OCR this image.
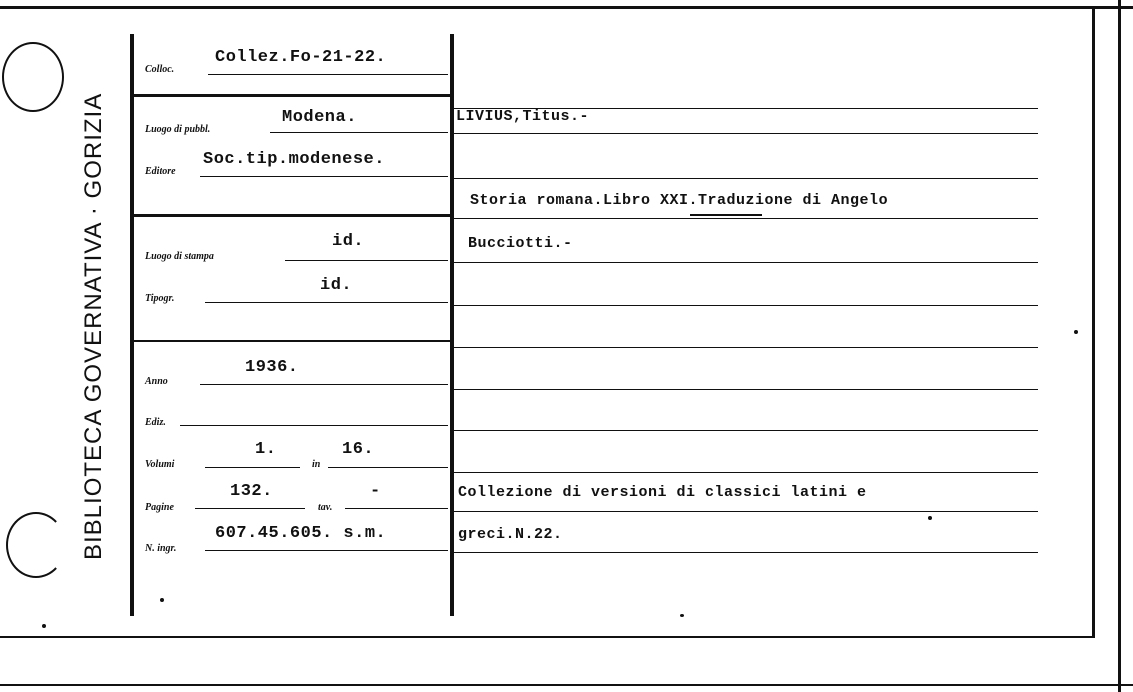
BIBLIOTECA GOVERNATIVA · GORIZIA
Colloc.
Collez.Fo-21-22.
Luogo di pubbl.
Modena.
Editore
Soc.tip.modenese.
Luogo di stampa
id.
Tipogr.
id.
Anno
1936.
Ediz.
Volumi
1.
in
16.
Pagine
132.
tav.
-
N. ingr.
607.45.605. s.m.
LIVIUS,Titus.-
Storia romana.Libro XXI.Traduzione di Angelo
Bucciotti.-
Collezione di versioni di classici latini e
greci.N.22.
